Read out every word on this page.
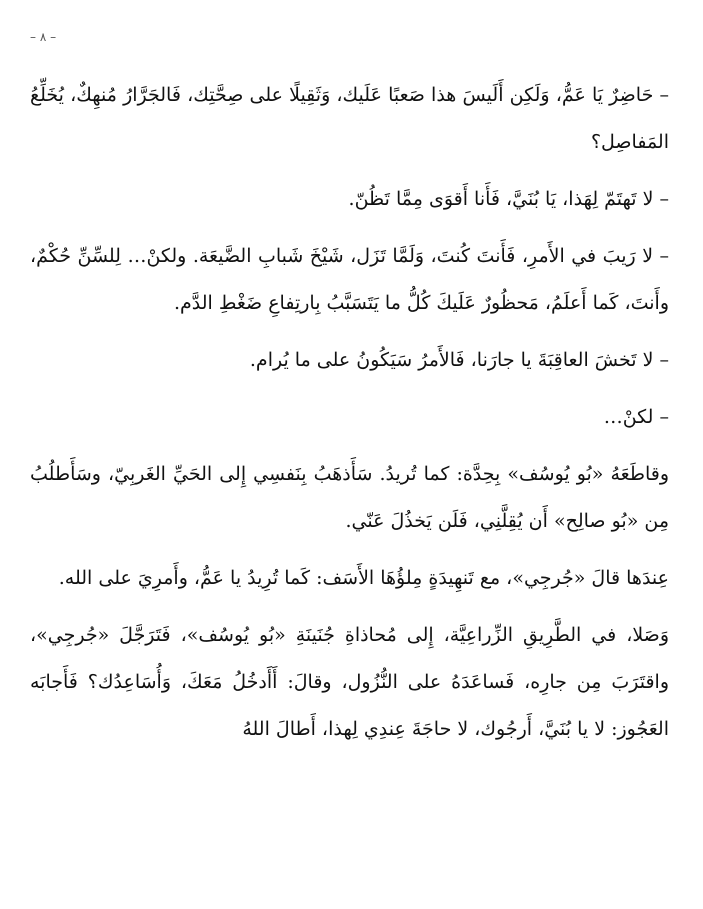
– ٨ –

– حَاضِرٌ يَا عَمُّ، وَلَكِن أَلَيسَ هذا صَعبًا عَلَيك، وَثَقِيلًا على صِحَّتِك، فَالجَرَّارُ مُنهِكٌ، يُخَلِّعُ المَفاصِل؟

– لا تَهتَمّ لِهَذا، يَا بُنَيَّ، فَأَنا أَقوَى مِمَّا تَظُنّ.

– لا رَيبَ في الأَمرِ، فَأَنتَ كُنتَ، وَلَمَّا تَزَل، شَيْخَ شَبابِ الضَّيعَة. ولكنْ… لِلسِّنِّ حُكْمٌ، وأَنتَ، كَما أَعلَمُ، مَحظُورٌ عَلَيكَ كُلُّ ما يَتَسَبَّبُ بِارتِفاعِ ضَغْطِ الدَّم.

– لا تَخشَ العاقِبَةَ يا جارَنا، فَالأَمرُ سَيَكُونُ على ما يُرام.

– لكنْ…

وقاطَعَهُ «بُو يُوسُف» بِحِدَّة: كما تُريدُ. سَأَذهَبُ بِنَفسِي إِلى الحَيِّ الغَربِيّ، وسَأَطلُبُ مِن «بُو صالِح» أَن يُقِلَّنِي، فَلَن يَخذُلَ عَنّي.

عِندَها قالَ «جُرجِي»، مع تَنهِيدَةٍ مِلؤُهَا الأَسَف: كَما تُرِيدُ يا عَمُّ، وأَمرِيَ على الله.

وَصَلا، في الطَّرِيقِ الزِّراعِيَّة، إِلى مُحاذاةِ جُنَينَةِ «بُو يُوسُف»، فَتَرَجَّلَ «جُرجِي»، واقتَرَبَ مِن جارِه، فَساعَدَهُ على النُّزُول، وقالَ: أَأَدخُلُ مَعَكَ، وَأُسَاعِدُك؟ فَأَجابَه العَجُوز: لا يا بُنَيَّ، أَرجُوك، لا حاجَةَ عِندِي لِهذا، أَطالَ اللهُ
